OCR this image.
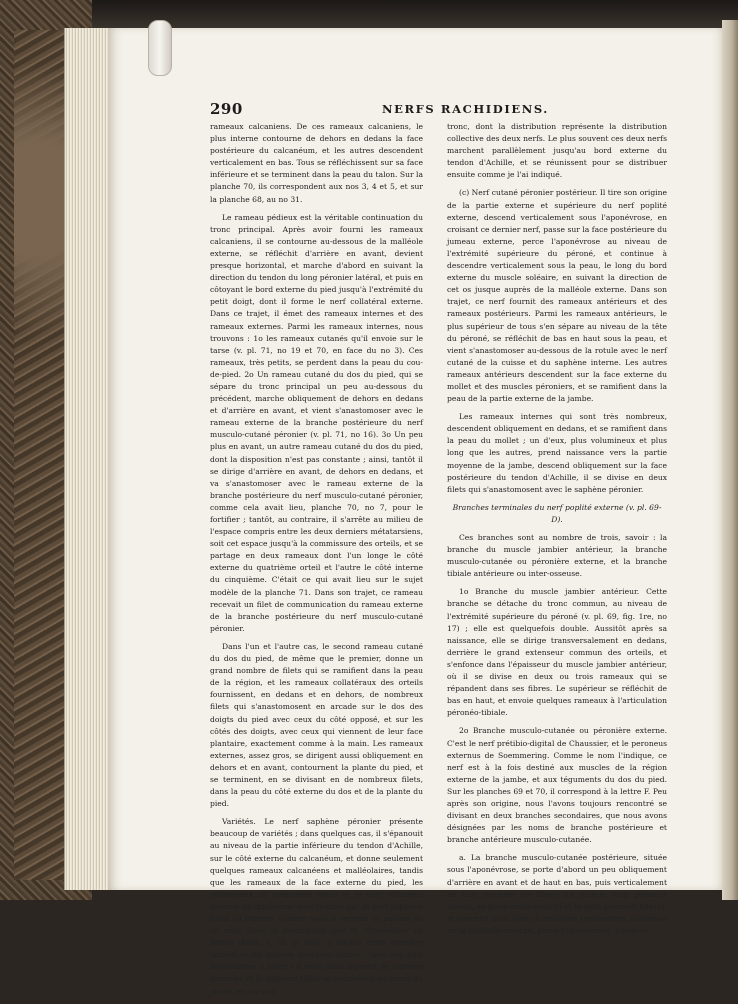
290	NERFS RACHIDIENS.

rameaux calcaniens. De ces rameaux calcaniens, le plus interne contourne de dehors en dedans la face postérieure du calcanéum, et les autres descendent verticalement en bas. Tous se réfléchissent sur sa face inférieure et se terminent dans la peau du talon. Sur la planche 70, ils correspondent aux nos 3, 4 et 5, et sur la planche 68, au no 31.

Le rameau pédieux est la véritable continuation du tronc principal. Après avoir fourni les rameaux calcaniens, il se contourne au-dessous de la malléole externe, se réfléchit d'arrière en avant, devient presque horizontal, et marche d'abord en suivant la direction du tendon du long péronier latéral, et puis en côtoyant le bord externe du pied jusqu'à l'extrémité du petit doigt, dont il forme le nerf collatéral externe. Dans ce trajet, il émet des rameaux internes et des rameaux externes. Parmi les rameaux internes, nous trouvons : 1o les rameaux cutanés qu'il envoie sur le tarse (v. pl. 71, no 19 et 70, en face du no 3). Ces rameaux, très petits, se perdent dans la peau du cou-de-pied. 2o Un rameau cutané du dos du pied, qui se sépare du tronc principal un peu au-dessous du précédent, marche obliquement de dehors en dedans et d'arrière en avant, et vient s'anastomoser avec le rameau externe de la branche postérieure du nerf musculo-cutané péronier (v. pl. 71, no 16). 3o Un peu plus en avant, un autre rameau cutané du dos du pied, dont la disposition n'est pas constante ; ainsi, tantôt il se dirige d'arrière en avant, de dehors en dedans, et va s'anastomoser avec le rameau externe de la branche postérieure du nerf musculo-cutané péronier, comme cela avait lieu, planche 70, no 7, pour le fortifier ; tantôt, au contraire, il s'arrête au milieu de l'espace compris entre les deux derniers métatarsiens, soit cet espace jusqu'à la commissure des orteils, et se partage en deux rameaux dont l'un longe le côté externe du quatrième orteil et l'autre le côté interne du cinquième. C'était ce qui avait lieu sur le sujet modèle de la planche 71. Dans son trajet, ce rameau recevait un filet de communication du rameau externe de la branche postérieure du nerf musculo-cutané péronier.

Dans l'un et l'autre cas, le second rameau cutané du dos du pied, de même que le premier, donne un grand nombre de filets qui se ramifient dans la peau de la région, et les rameaux collatéraux des orteils fournissent, en dedans et en dehors, de nombreux filets qui s'anastomosent en arcade sur le dos des doigts du pied avec ceux du côté opposé, et sur les côtés des doigts, avec ceux qui viennent de leur face plantaire, exactement comme à la main. Les rameaux externes, assez gros, se dirigent aussi obliquement en dehors et en avant, contournent la plante du pied, et se terminent, en se divisant en de nombreux filets, dans la peau du côté externe du dos et de la plante du pied.

Variétés. Le nerf saphène péronier présente beaucoup de variétés ; dans quelques cas, il s'épanouit au niveau de la partie inférieure du tendon d'Achille, sur le côté externe du calcanéum, et donne seulement quelques rameaux calcanéens et malléolaires, tandis que les rameaux de la face externe du pied, les collatéraux du cinquième orteil et le nerf collatéral externe du quatrième sont fournis par le nerf saphène tibial ou externe, comme nous le verrons en parlant de ce nerf. Dans la description que M. Cruveilhier en donne (Anat., t. III, p. 865), il adopte cette dernière variété et en signale quelques autres ; une des plus importantes à noter, est celle dans laquelle, le saphène péronier et le saphène tibial se réunissent au creux du jarret, en un seul

tronc, dont la distribution représente la distribution collective des deux nerfs. Le plus souvent ces deux nerfs marchent parallèlement jusqu'au bord externe du tendon d'Achille, et se réunissent pour se distribuer ensuite comme je l'ai indiqué.

(c) Nerf cutané péronier postérieur. Il tire son origine de la partie externe et supérieure du nerf poplité externe, descend verticalement sous l'aponévrose, en croisant ce dernier nerf, passe sur la face postérieure du jumeau externe, perce l'aponévrose au niveau de l'extrémité supérieure du péroné, et continue à descendre verticalement sous la peau, le long du bord externe du muscle soléaire, en suivant la direction de cet os jusque auprès de la malléole externe. Dans son trajet, ce nerf fournit des rameaux antérieurs et des rameaux postérieurs. Parmi les rameaux antérieurs, le plus supérieur de tous s'en sépare au niveau de la tête du péroné, se réfléchit de bas en haut sous la peau, et vient s'anastomoser au-dessous de la rotule avec le nerf cutané de la cuisse et du saphène interne. Les autres rameaux antérieurs descendent sur la face externe du mollet et des muscles péroniers, et se ramifient dans la peau de la partie externe de la jambe.

Les rameaux internes qui sont très nombreux, descendent obliquement en dedans, et se ramifient dans la peau du mollet ; un d'eux, plus volumineux et plus long que les autres, prend naissance vers la partie moyenne de la jambe, descend obliquement sur la face postérieure du tendon d'Achille, il se divise en deux filets qui s'anastomosent avec le saphène péronier.

Branches terminales du nerf poplité externe (v. pl. 69-D).

Ces branches sont au nombre de trois, savoir : la branche du muscle jambier antérieur, la branche musculo-cutanée ou péronière externe, et la branche tibiale antérieure ou inter-osseuse.

1o Branche du muscle jambier antérieur. Cette branche se détache du tronc commun, au niveau de l'extrémité supérieure du péroné (v. pl. 69, fig. 1re, no 17) ; elle est quelquefois double. Aussitôt après sa naissance, elle se dirige transversalement en dedans, derrière le grand extenseur commun des orteils, et s'enfonce dans l'épaisseur du muscle jambier antérieur, où il se divise en deux ou trois rameaux qui se répandent dans ses fibres. Le supérieur se réfléchit de bas en haut, et envoie quelques rameaux à l'articulation péronéo-tibiale.

2o Branche musculo-cutanée ou péronière externe. C'est le nerf prétibio-digital de Chaussier, et le peroneus externus de Soemmering. Comme le nom l'indique, ce nerf est à la fois destiné aux muscles de la région externe de la jambe, et aux téguments du dos du pied. Sur les planches 69 et 70, il correspond à la lettre F. Peu après son origine, nous l'avons toujours rencontré se divisant en deux branches secondaires, que nous avons désignées par les noms de branche postérieure et branche antérieure musculo-cutanée.

a. La branche musculo-cutanée postérieure, située sous l'aponévrose, se porte d'abord un peu obliquement d'arrière en avant et de haut en bas, puis verticalement en bas, traverse les fibres du muscle long péronier latéral, se place entre celui-ci et le petit péronier latéral, et descend ainsi jusqu'à quelques centimètres au-dessus de la malléole externe, perce l'aponévrose, passe au
